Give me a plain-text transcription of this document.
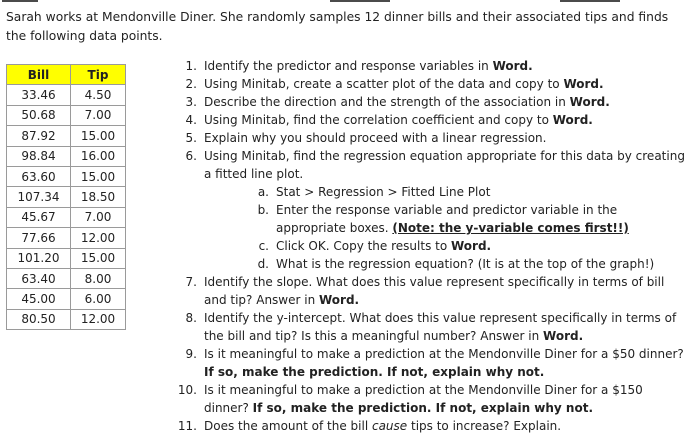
Sarah works at Mendonville Diner. She randomly samples 12 dinner bills and their associated tips and finds the following data points.
Bill	Tip
33.46	4.50
50.68	7.00
87.92	15.00
98.84	16.00
63.60	15.00
107.34	18.50
45.67	7.00
77.66	12.00
101.20	15.00
63.40	8.00
45.00	6.00
80.50	12.00
1. Identify the predictor and response variables in Word.
2. Using Minitab, create a scatter plot of the data and copy to Word.
3. Describe the direction and the strength of the association in Word.
4. Using Minitab, find the correlation coefficient and copy to Word.
5. Explain why you should proceed with a linear regression.
6. Using Minitab, find the regression equation appropriate for this data by creating a fitted line plot.
a. Stat > Regression > Fitted Line Plot
b. Enter the response variable and predictor variable in the appropriate boxes. (Note: the y-variable comes first!!)
c. Click OK. Copy the results to Word.
d. What is the regression equation? (It is at the top of the graph!)
7. Identify the slope. What does this value represent specifically in terms of bill and tip? Answer in Word.
8. Identify the y-intercept. What does this value represent specifically in terms of the bill and tip? Is this a meaningful number? Answer in Word.
9. Is it meaningful to make a prediction at the Mendonville Diner for a $50 dinner? If so, make the prediction. If not, explain why not.
10. Is it meaningful to make a prediction at the Mendonville Diner for a $150 dinner? If so, make the prediction. If not, explain why not.
11. Does the amount of the bill cause tips to increase? Explain.
